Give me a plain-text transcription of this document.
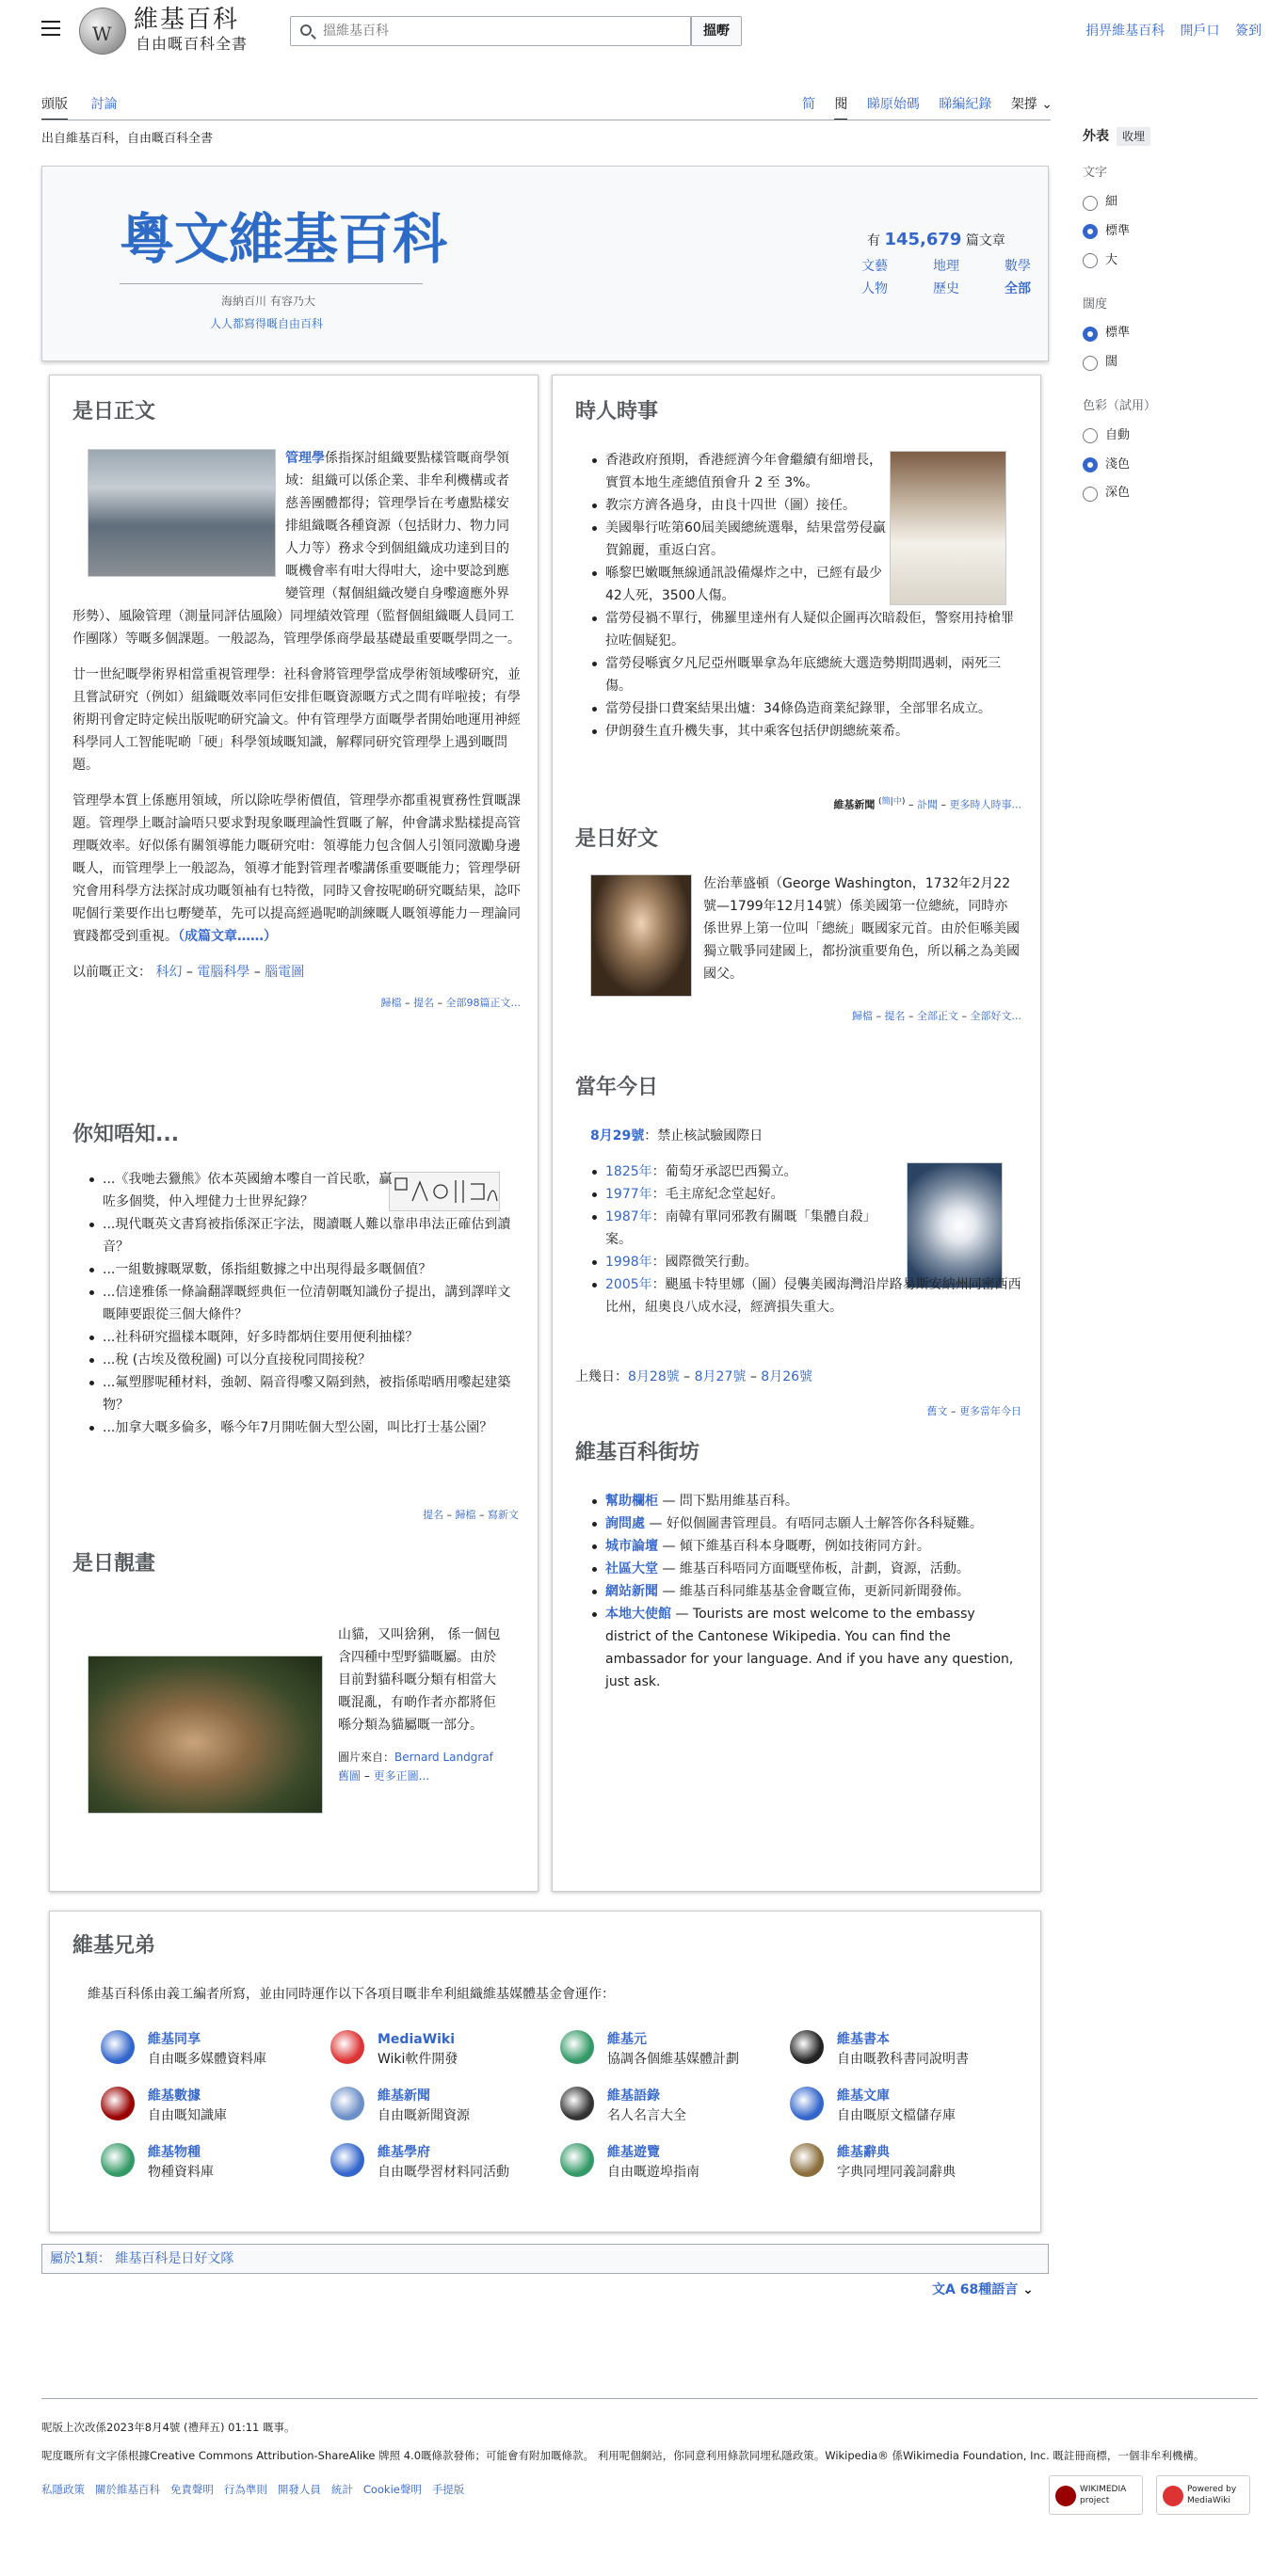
W
維基百科
自由嘅百科全書
搵維基百科
搵嘢	捐畀維基百科 開戶口 簽到
頭版 討論	简 閱 睇原始碼 睇編紀錄 架撐 ⌄
出自維基百科，自由嘅百科全書	外表 收埋
文字
細
標準
大
闊度
標準
闊
色彩（試用）
自動
淺色
深色
粵文維基百科
海納百川 有容乃大
人人都寫得嘅自由百科
有 145,679 篇文章
文藝	地理	數學
人物	歷史	全部
是日正文

管理學係指探討組織要點樣管嘅商學領域：組織可以係企業、非牟利機構或者慈善團體都得；管理學旨在考慮點樣安排組織嘅各種資源（包括財力、物力同人力等）務求令到個組織成功達到目的嘅機會率有咁大得咁大，途中要諗到應變管理（幫個組織改變自身嚟適應外界形勢）、風險管理（測量同評估風險）同埋績效管理（監督個組織嘅人員同工作團隊）等嘅多個課題。一般認為，管理學係商學最基礎最重要嘅學問之一。

廿一世紀嘅學術界相當重視管理學：社科會將管理學當成學術領域嚟研究，並且嘗試研究（例如）組織嘅效率同佢安排佢嘅資源嘅方式之間有咩啦掕；有學術期刊會定時定候出版呢啲研究論文。仲有管理學方面嘅學者開始吔運用神經科學同人工智能呢啲「硬」科學領域嘅知識，解釋同研究管理學上遇到嘅問題。

管理學本質上係應用領域，所以除咗學術價值，管理學亦都重視實務性質嘅課題。管理學上嘅討論唔只要求對現象嘅理論性質嘅了解，仲會講求點樣提高管理嘅效率。好似係有關領導能力嘅研究咁：領導能力包含個人引領同激勵身邊嘅人，而管理學上一般認為，領導才能對管理者嚟講係重要嘅能力；管理學研究會用科學方法探討成功嘅領袖有乜特徵，同時又會按呢啲研究嘅結果，諗吓呢個行業要作出乜嘢變革，先可以提高經過呢啲訓練嘅人嘅領導能力－理論同實踐都受到重視。（成篇文章……）

以前嘅正文： 科幻 – 電腦科學 – 腦電圖

歸檔 – 提名 – 全部98篇正文...
你知唔知...
...《我哋去獵熊》依本英國繪本嚟自一首民歌，贏咗多個獎，仲入埋健力士世界紀錄？
...現代嘅英文書寫被指係深正字法，閱讀嘅人難以靠串串法正確估到讀音？
...一組數據嘅眾數，係指組數據之中出現得最多嘅個值？
...信達雅係一條論翻譯嘅經典佢一位清朝嘅知識份子提出，講到譯咩文嘅陣要跟從三個大條件？
...社科研究搵樣本嘅陣，好多時都炳住要用便利抽樣？
...稅 (古埃及徵稅圖) 可以分直接稅同間接稅？
...氟塑膠呢種材料，強韌、隔音得嚟又隔到熱，被指係啱晒用嚟起建築物？
...加拿大嘅多倫多，喺今年7月開咗個大型公園，叫比打士基公園？
提名 – 歸檔 – 寫新文
是日靚畫

山貓，又叫猞猁， 係一個包含四種中型野貓嘅屬。由於目前對貓科嘅分類有相當大嘅混亂，有啲作者亦都將佢喺分類為貓屬嘅一部分。

圖片來自：Bernard Landgraf

舊圖 – 更多正圖...

時人時事
香港政府預期，香港經濟今年會繼續有細增長，實質本地生產總值預會升 2 至 3%。
教宗方濟各過身，由良十四世（圖）接任。
美國舉行咗第60屆美國總統選舉，結果當勞侵贏賀錦麗，重返白宮。
喺黎巴嫩嘅無線通訊設備爆炸之中，已經有最少42人死，3500人傷。
當勞侵禍不單行，佛羅里達州有人疑似企圖再次暗殺佢，警察用持槍罪拉咗個疑犯。
當勞侵喺賓夕凡尼亞州嘅畢拿為年底總統大選造勢期間遇刺，兩死三傷。
當勞侵掛口費案結果出爐：34條偽造商業紀錄罪，全部罪名成立。
伊朗發生直升機失事，其中乘客包括伊朗總統萊希。
維基新聞 $^{(簡|中)}$ – 訃聞 – 更多時人時事...
是日好文

佐治華盛頓（George Washington，1732年2月22號—1799年12月14號）係美國第一位總統，同時亦係世界上第一位叫「總統」嘅國家元首。由於佢喺美國獨立戰爭同建國上，都扮演重要角色，所以稱之為美國國父。

歸檔 – 提名 – 全部正文 – 全部好文...
當年今日

8月29號：禁止核試驗國際日

1825年：葡萄牙承認巴西獨立。
1977年：毛主席紀念堂起好。
1987年：南韓有單同邪教有關嘅「集體自殺」案。
1998年：國際微笑行動。
2005年：颶風卡特里娜（圖）侵襲美國海灣沿岸路易斯安納州同密西西比州，紐奧良八成水浸，經濟損失重大。

上幾日：8月28號 – 8月27號 – 8月26號

舊文 – 更多當年今日
維基百科街坊
幫助欄柜 — 問下點用維基百科。
詢問處 — 好似個圖書管理員。有唔同志願人士解答你各科疑難。
城市論壇 — 傾下維基百科本身嘅嘢，例如技術同方針。
社區大堂 — 維基百科唔同方面嘅壁佈板，計劃，資源，活動。
網站新聞 — 維基百科同維基基金會嘅宣佈，更新同新聞發佈。
本地大使館 — Tourists are most welcome to the embassy district of the Cantonese Wikipedia. You can find the ambassador for your language. And if you have any question, just ask.
維基兄弟

維基百科係由義工編者所寫，並由同時運作以下各項目嘅非牟利組織維基媒體基金會運作：

維基同享
自由嘅多媒體資料庫
MediaWiki
Wiki軟件開發
維基元
協調各個維基媒體計劃
維基書本
自由嘅教科書同說明書
維基數據
自由嘅知識庫
維基新聞
自由嘅新聞資源
維基語錄
名人名言大全
維基文庫
自由嘅原文檔儲存庫
維基物種
物種資料庫
維基學府
自由嘅學習材料同活動
維基遊覽
自由嘅遊埠指南
維基辭典
字典同埋同義詞辭典
屬於1類： 維基百科是日好文隊
文A 68種語言 ⌄
呢版上次改係2023年8月4號 (禮拜五) 01:11 嘅事。
呢度嘅所有文字係根據Creative Commons Attribution-ShareAlike 牌照 4.0嘅條款發佈；可能會有附加嘅條款。 利用呢個網站，你同意利用條款同埋私隱政策。Wikipedia® 係Wikimedia Foundation, Inc. 嘅註冊商標，一個非牟利機構。
私隱政策 關於維基百科 免責聲明 行為準則 開發人員 統計 Cookie聲明 手提版	WIKIMEDIA project
Powered by MediaWiki
